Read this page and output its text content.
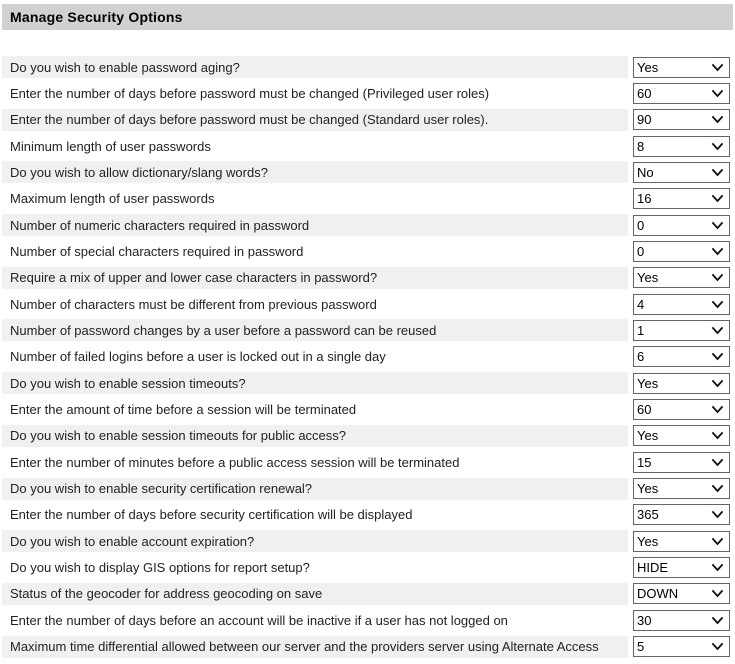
Manage Security Options
Do you wish to enable password aging?	Yes
Enter the number of days before password must be changed (Privileged user roles)	60
Enter the number of days before password must be changed (Standard user roles).	90
Minimum length of user passwords	8
Do you wish to allow dictionary/slang words?	No
Maximum length of user passwords	16
Number of numeric characters required in password	0
Number of special characters required in password	0
Require a mix of upper and lower case characters in password?	Yes
Number of characters must be different from previous password	4
Number of password changes by a user before a password can be reused	1
Number of failed logins before a user is locked out in a single day	6
Do you wish to enable session timeouts?	Yes
Enter the amount of time before a session will be terminated	60
Do you wish to enable session timeouts for public access?	Yes
Enter the number of minutes before a public access session will be terminated	15
Do you wish to enable security certification renewal?	Yes
Enter the number of days before security certification will be displayed	365
Do you wish to enable account expiration?	Yes
Do you wish to display GIS options for report setup?	HIDE
Status of the geocoder for address geocoding on save	DOWN
Enter the number of days before an account will be inactive if a user has not logged on	30
Maximum time differential allowed between our server and the providers server using Alternate Access	5
